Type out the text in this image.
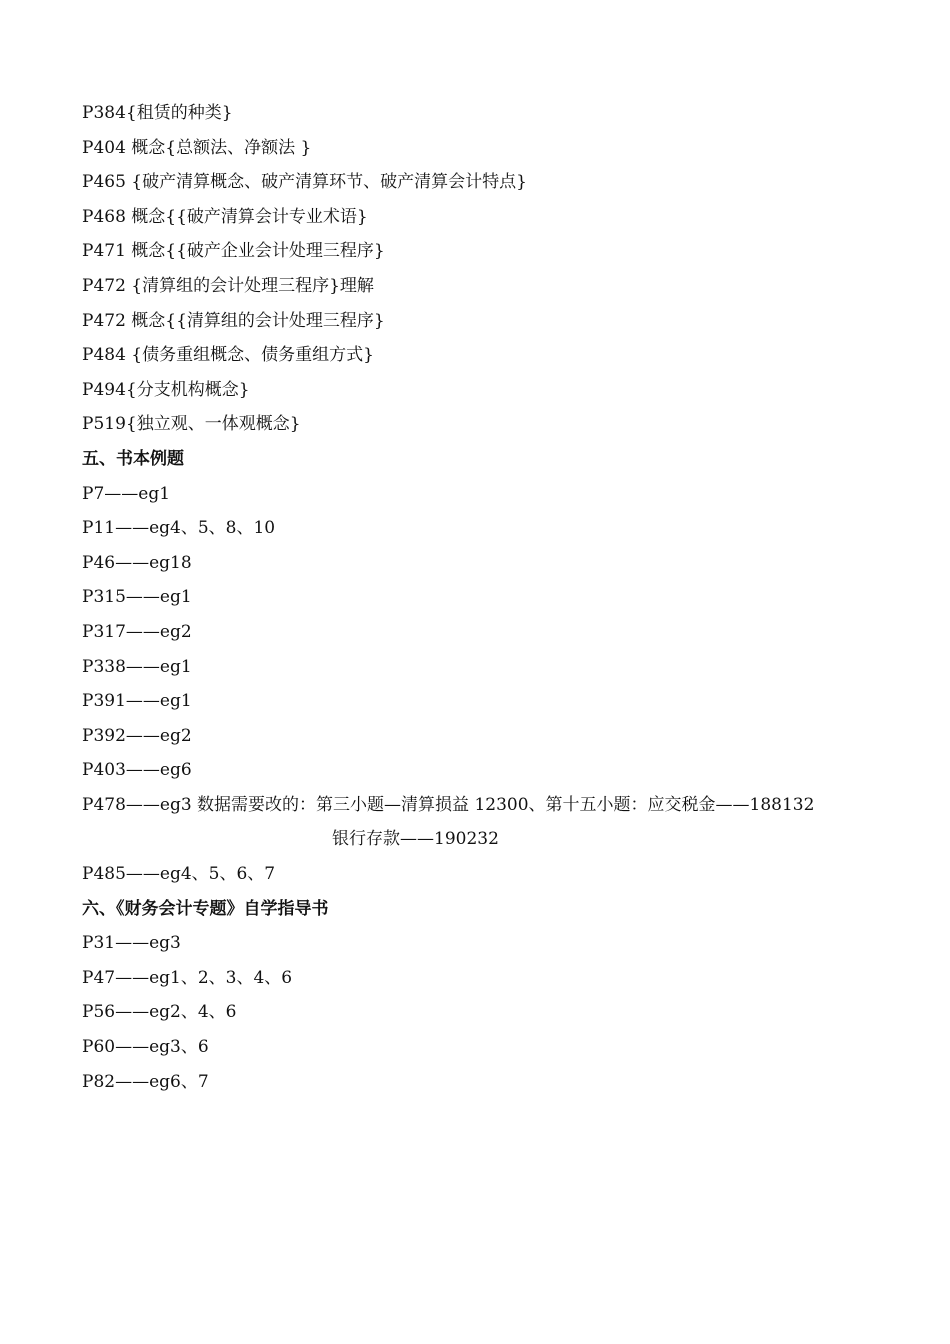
P384{租赁的种类}
P404 概念{总额法、净额法 }
P465 {破产清算概念、破产清算环节、破产清算会计特点}
P468 概念{{破产清算会计专业术语}
P471 概念{{破产企业会计处理三程序}
P472 {清算组的会计处理三程序}理解
P472 概念{{清算组的会计处理三程序}
P484 {债务重组概念、债务重组方式}
P494{分支机构概念}
P519{独立观、一体观概念}
五、书本例题
P7——eg1
P11——eg4、5、8、10
P46——eg18
P315——eg1
P317——eg2
P338——eg1
P391——eg1
P392——eg2
P403——eg6
P478——eg3 数据需要改的：第三小题—清算损益 12300、第十五小题：应交税金——188132
银行存款——190232
P485——eg4、5、6、7
六、《财务会计专题》自学指导书
P31——eg3
P47——eg1、2、3、4、6
P56——eg2、4、6
P60——eg3、6
P82——eg6、7
